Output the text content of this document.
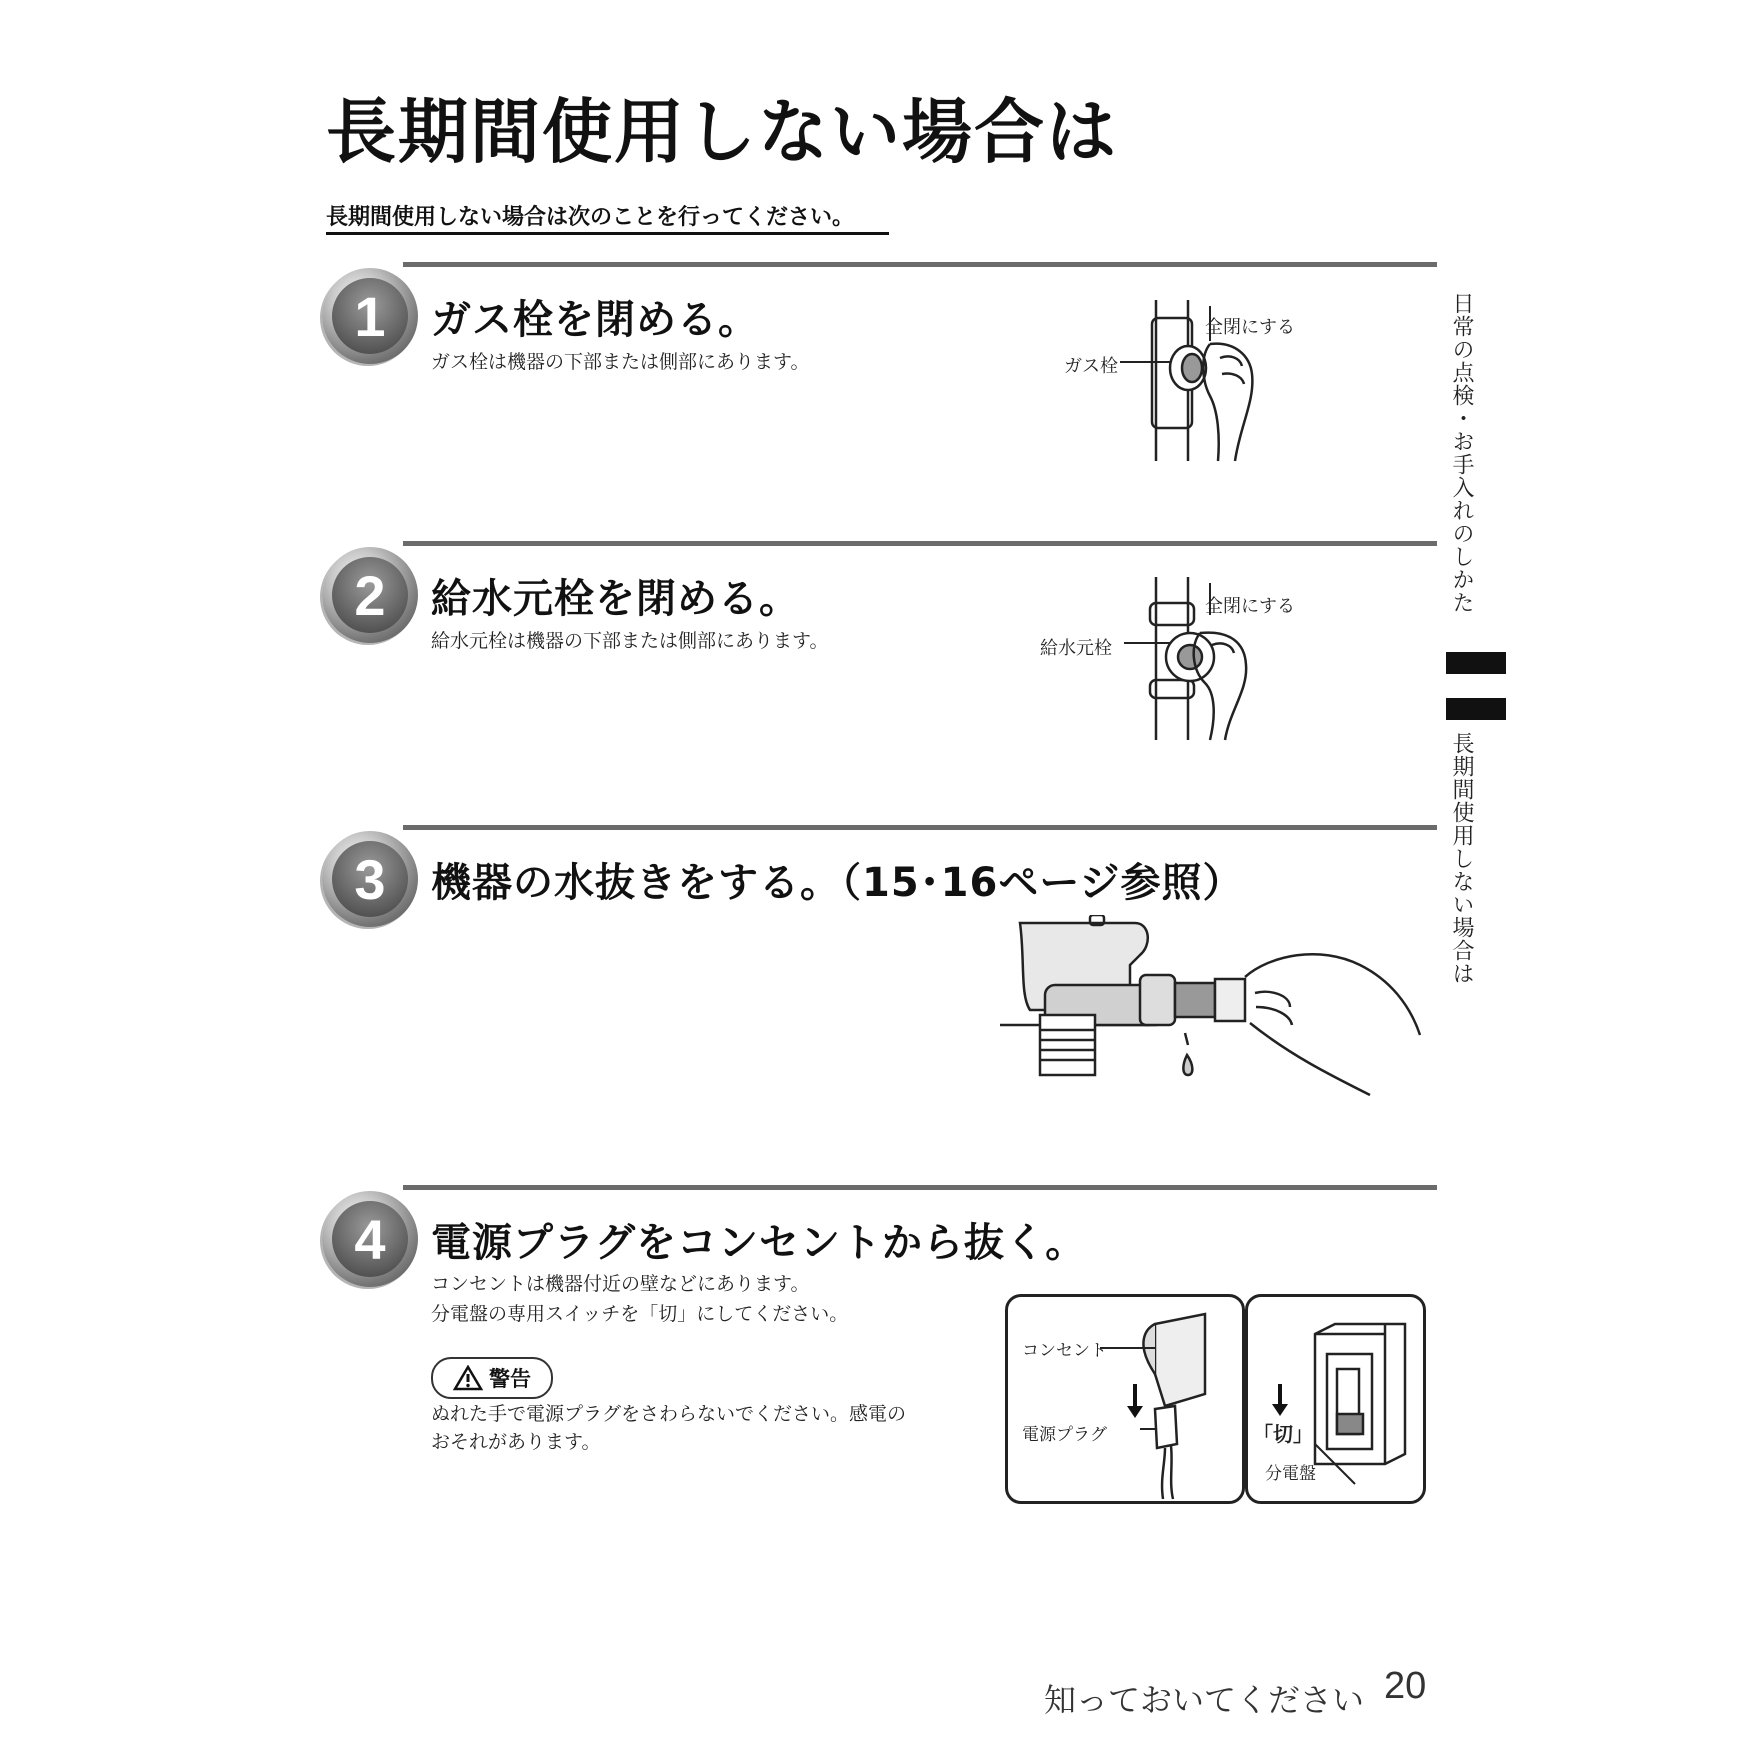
長期間使用しない場合は
長期間使用しない場合は次のことを行ってください。
日常の点検・お手入れのしかた
長期間使用しない場合は
1	ガス栓を閉める。
ガス栓は機器の下部または側部にあります。
全閉にする
ガス栓
2	給水元栓を閉める。
給水元栓は機器の下部または側部にあります。
全閉にする
給水元栓
3	機器の水抜きをする。（15･16ページ参照）
4	電源プラグをコンセントから抜く。
コンセントは機器付近の壁などにあります。
分電盤の専用スイッチを「切」にしてください。
警告
ぬれた手で電源プラグをさわらないでください。感電の
おそれがあります。
コンセント
電源プラグ	「切」
分電盤
知っておいてください 20
